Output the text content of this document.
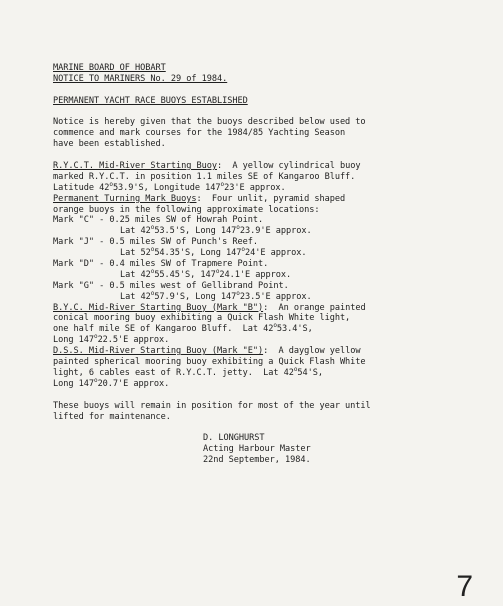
MARINE BOARD OF HOBART
NOTICE TO MARINERS No. 29 of 1984.
PERMANENT YACHT RACE BUOYS ESTABLISHED
Notice is hereby given that the buoys described below used to
commence and mark courses for the 1984/85 Yachting Season
have been established.
R.Y.C.T. Mid-River Starting Buoy:  A yellow cylindrical buoy
marked R.Y.C.T. in position 1.1 miles SE of Kangaroo Bluff.
Latitude 42$^o$53.9'S, Longitude 147$^o$23'E approx.
Permanent Turning Mark Buoys:  Four unlit, pyramid shaped
orange buoys in the following approximate locations:
Mark "C" - 0.25 miles SW of Howrah Point.
Lat 42$^o$53.5'S, Long 147$^o$23.9'E approx.
Mark "J" - 0.5 miles SW of Punch's Reef.
Lat 52$^o$54.35'S, Long 147$^o$24'E approx.
Mark "D" - 0.4 miles SW of Trapmere Point.
Lat 42$^o$55.45'S, 147$^o$24.1'E approx.
Mark "G" - 0.5 miles west of Gellibrand Point.
Lat 42$^o$57.9'S, Long 147$^o$23.5'E approx.
B.Y.C. Mid-River Starting Buoy (Mark "B"):  An orange painted
conical mooring buoy exhibiting a Quick Flash White light,
one half mile SE of Kangaroo Bluff.  Lat 42$^o$53.4'S,
Long 147$^o$22.5'E approx.
D.S.S. Mid-River Starting Buoy (Mark "E"):  A dayglow yellow
painted spherical mooring buoy exhibiting a Quick Flash White
light, 6 cables east of R.Y.C.T. jetty.  Lat 42$^o$54'S,
Long 147$^o$20.7'E approx.
These buoys will remain in position for most of the year until
lifted for maintenance.
D. LONGHURST
Acting Harbour Master
22nd September, 1984.
7
